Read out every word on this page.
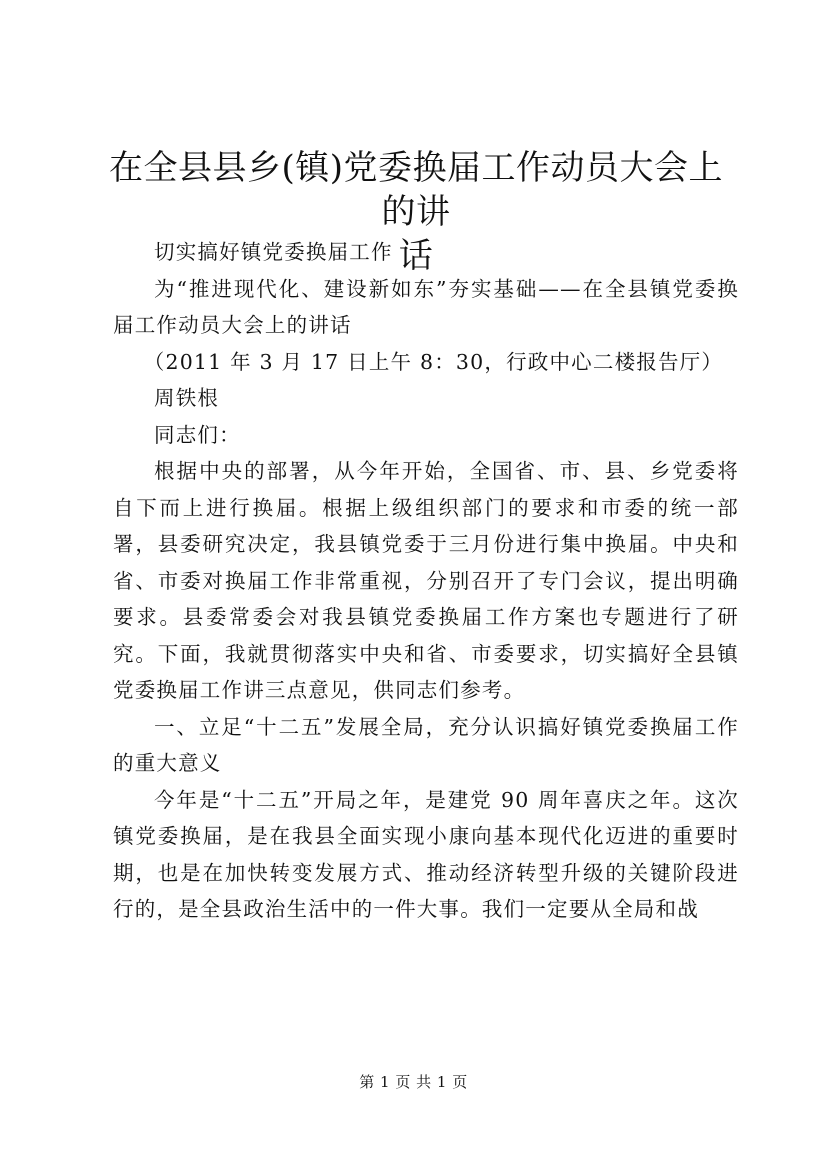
在全县县乡(镇)党委换届工作动员大会上的讲
话

切实搞好镇党委换届工作

为“推进现代化、建设新如东”夯实基础——在全县镇党委换届工作动员大会上的讲话

（2011 年 3 月 17 日上午 8：30，行政中心二楼报告厅）

周铁根

同志们：

根据中央的部署，从今年开始，全国省、市、县、乡党委将自下而上进行换届。根据上级组织部门的要求和市委的统一部署，县委研究决定，我县镇党委于三月份进行集中换届。中央和省、市委对换届工作非常重视，分别召开了专门会议，提出明确要求。县委常委会对我县镇党委换届工作方案也专题进行了研究。下面，我就贯彻落实中央和省、市委要求，切实搞好全县镇党委换届工作讲三点意见，供同志们参考。

一、立足“十二五”发展全局，充分认识搞好镇党委换届工作的重大意义

今年是“十二五”开局之年，是建党 90 周年喜庆之年。这次镇党委换届，是在我县全面实现小康向基本现代化迈进的重要时期，也是在加快转变发展方式、推动经济转型升级的关键阶段进行的，是全县政治生活中的一件大事。我们一定要从全局和战

第 1 页 共 1 页
